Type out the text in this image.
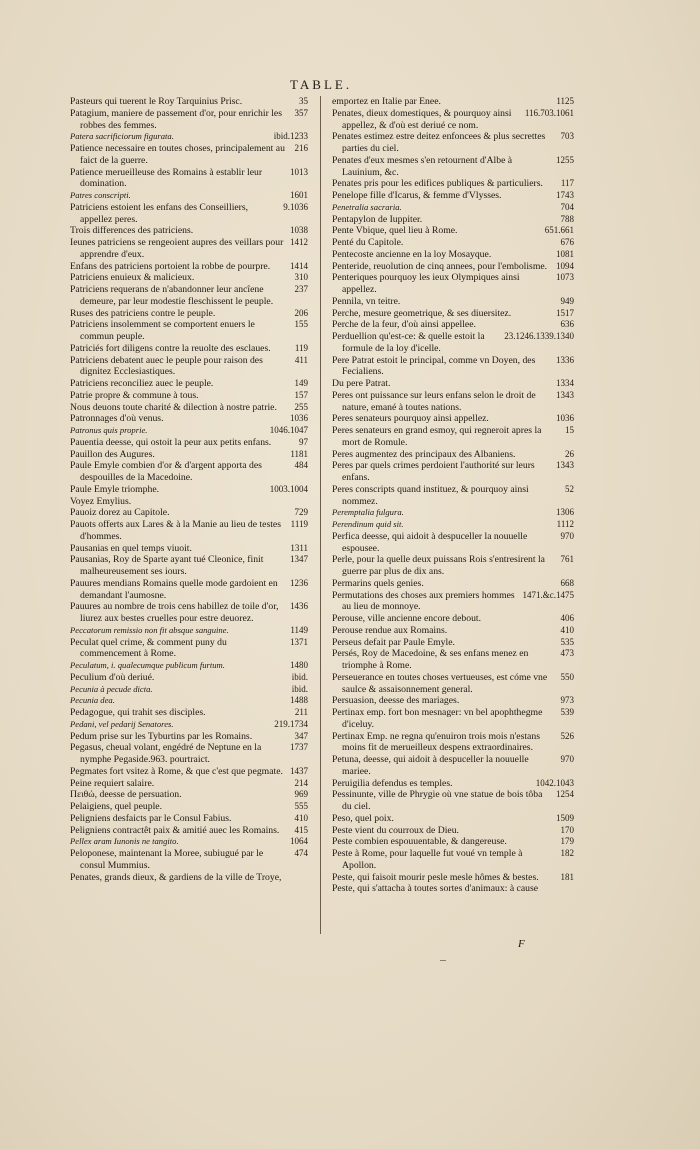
TABLE.
35
Pasteurs qui tuerent le Roy Tarquinius Prisc.
357
Patagium, maniere de passement d'or, pour enrichir les robbes des femmes.
ibid.1233
Patera sacrificiorum figurata.
216
Patience necessaire en toutes choses, principalement au faict de la guerre.
1013
Patience merueilleuse des Romains à establir leur domination.
1601
Patres conscripti.
9.1036
Patriciens estoient les enfans des Conseilliers, appellez peres.
1038
Trois differences des patriciens.
1412
Ieunes patriciens se rengeoient aupres des veillars pour apprendre d'eux.
1414
Enfans des patriciens portoient la robbe de pourpre.
310
Patriciens enuieux & malicieux.
237
Patriciens requerans de n'abandonner leur ancîene demeure, par leur modestie fleschissent le peuple.
206
Ruses des patriciens contre le peuple.
155
Patriciens insolemment se comportent enuers le commun peuple.
119
Patriciés fort diligens contre la reuolte des esclaues.
411
Patriciens debatent auec le peuple pour raison des dignitez Ecclesiastiques.
149
Patriciens reconciliez auec le peuple.
157
Patrie propre & commune à tous.
255
Nous deuons toute charité & dilection à nostre patrie.
1036
Patronnages d'où venus.
1046.1047
Patronus quis proprie.
97
Pauentia deesse, qui ostoit la peur aux petits enfans.
1181
Pauillon des Augures.
484
Paule Emyle combien d'or & d'argent apporta des despouilles de la Macedoine.
1003.1004
Paule Emyle triomphe.
Voyez Emylius.
729
Pauoiz dorez au Capitole.
1119
Pauots offerts aux Lares & à la Manie au lieu de testes d'hommes.
1311
Pausanias en quel temps viuoit.
1347
Pausanias, Roy de Sparte ayant tué Cleonice, finit malheureusement ses iours.
1236
Pauures mendians Romains quelle mode gardoient en demandant l'aumosne.
1436
Pauures au nombre de trois cens habillez de toile d'or, liurez aux bestes cruelles pour estre deuorez.
1149
Peccatorum remissio non fit absque sanguine.
1371
Peculat quel crime, & comment puny du commencement à Rome.
1480
Peculatum, i. qualecumque publicum furtum.
ibid.
Peculium d'où deriué.
ibid.
Pecunia à pecude dicta.
1488
Pecunia dea.
211
Pedagogue, qui trahit ses disciples.
219.1734
Pedani, vel pedarij Senatores.
347
Pedum prise sur les Tyburtins par les Romains.
1737
Pegasus, cheual volant, engédré de Neptune en la nymphe Pegaside.963. pourtraict.
1437
Pegmates fort vsitez à Rome, & que c'est que pegmate.
214
Peine requiert salaire.
969
Πειθώ, deesse de persuation.
555
Pelaigiens, quel peuple.
410
Peligniens desfaicts par le Consul Fabius.
415
Peligniens contractêt paix & amitié auec les Romains.
1064
Pellex aram Iunonis ne tangito.
474
Peloponese, maintenant la Moree, subiugué par le consul Mummius.
Penates, grands dieux, & gardiens de la ville de Troye,
1125
emportez en Italie par Enee.
116.703.1061
Penates, dieux domestiques, & pourquoy ainsi appellez, & d'où est deriué ce nom.
703
Penates estimez estre deitez enfoncees & plus secrettes parties du ciel.
1255
Penates d'eux mesmes s'en retournent d'Albe à Lauinium, &c.
117
Penates pris pour les edifices publiques & particuliers.
1743
Penelope fille d'Icarus, & femme d'Vlysses.
704
Penetralia sacraria.
788
Pentapylon de Iuppiter.
651.661
Pente Vbique, quel lieu à Rome.
676
Penté du Capitole.
1081
Pentecoste ancienne en la loy Mosayque.
1094
Penteride, reuolution de cinq annees, pour l'embolisme.
1073
Penteriques pourquoy les ieux Olympiques ainsi appellez.
949
Pennila, vn teitre.
1517
Perche, mesure geometrique, & ses diuersitez.
636
Perche de la feur, d'où ainsi appellee.
23.1246.1339.1340
Perduellion qu'est-ce: & quelle estoit la formule de la loy d'icelle.
1336
Pere Patrat estoit le principal, comme vn Doyen, des Fecialiens.
1334
Du pere Patrat.
1343
Peres ont puissance sur leurs enfans selon le droit de nature, emané à toutes nations.
1036
Peres senateurs pourquoy ainsi appellez.
15
Peres senateurs en grand esmoy, qui regneroit apres la mort de Romule.
26
Peres augmentez des principaux des Albaniens.
1343
Peres par quels crimes perdoient l'authorité sur leurs enfans.
52
Peres conscripts quand instituez, & pourquoy ainsi nommez.
1306
Peremptalia fulgura.
1112
Perendinum quid sit.
970
Perfica deesse, qui aidoit à despuceller la nouuelle espousee.
761
Perle, pour la quelle deux puissans Rois s'entresirent la guerre par plus de dix ans.
668
Permarins quels genies.
1471.&c.1475
Permutations des choses aux premiers hommes au lieu de monnoye.
406
Perouse, ville ancienne encore debout.
410
Perouse rendue aux Romains.
535
Perseus defait par Paule Emyle.
473
Persés, Roy de Macedoine, & ses enfans menez en triomphe à Rome.
550
Perseuerance en toutes choses vertueuses, est cóme vne saulce & assaisonnement general.
973
Persuasion, deesse des mariages.
539
Pertinax emp. fort bon mesnager: vn bel apophthegme d'iceluy.
526
Pertinax Emp. ne regna qu'enuiron trois mois n'estans moins fit de merueilleux despens extraordinaires.
970
Petuna, deesse, qui aidoit à despuceller la nouuelle mariee.
1042.1043
Peruigilia defendus es temples.
1254
Pessinunte, ville de Phrygie où vne statue de bois tôba du ciel.
1509
Peso, quel poix.
170
Peste vient du courroux de Dieu.
179
Peste combien espouuentable, & dangereuse.
182
Peste à Rome, pour laquelle fut voué vn temple à Apollon.
181
Peste, qui faisoit mourir pesle mesle hômes & bestes.
Peste, qui s'attacha à toutes sortes d'animaux: à cause
F
